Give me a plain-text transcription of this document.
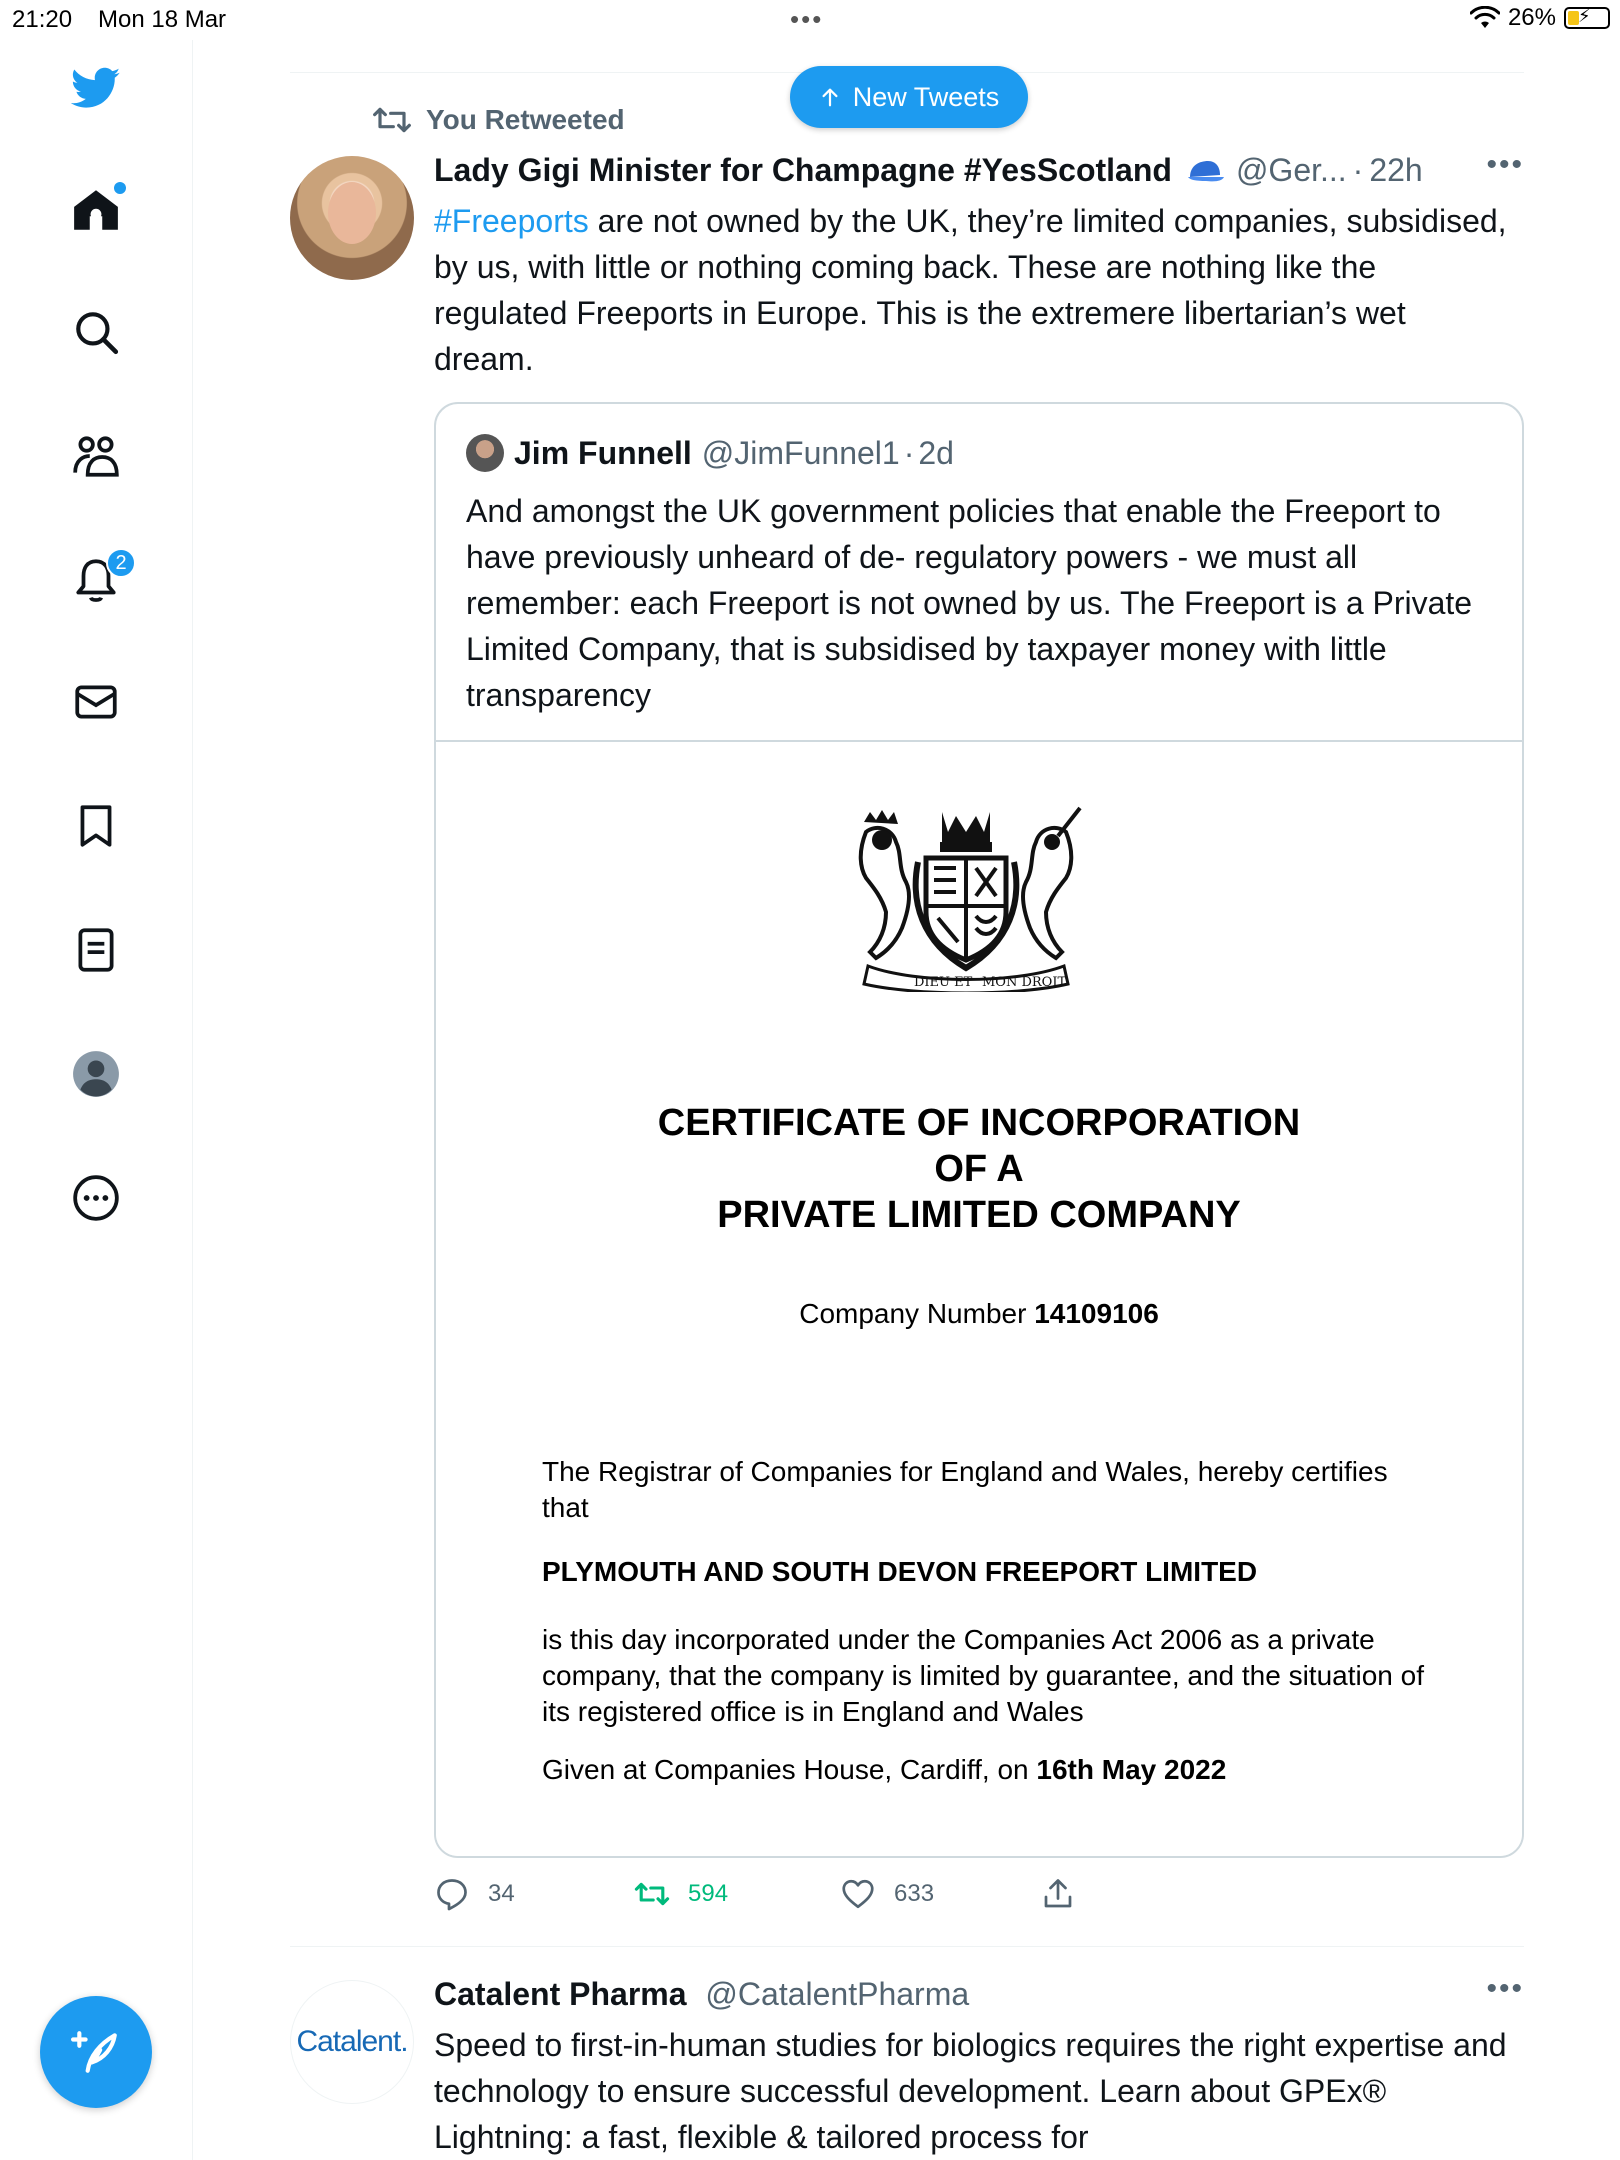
21:20 Mon 18 Mar	•••	26% ⚡
2
New Tweets
You Retweeted
Lady Gigi Minister for Champagne #YesScotland @Ger... · 22h •••
#Freeports are not owned by the UK, they’re limited companies, subsidised, by us, with little or nothing coming back. These are nothing like the regulated Freeports in Europe. This is the extremere libertarian’s wet dream.
Jim Funnell @JimFunnel1 · 2d
And amongst the UK government policies that enable the Freeport to have previously unheard of de- regulatory powers - we must all remember: each Freeport is not owned by us. The Freeport is a Private Limited Company, that is subsidised by taxpayer money with little transparency
DIEU ET MON DROIT
CERTIFICATE OF INCORPORATION
OF A
PRIVATE LIMITED COMPANY
Company Number 14109106
The Registrar of Companies for England and Wales, hereby certifies that
PLYMOUTH AND SOUTH DEVON FREEPORT LIMITED
is this day incorporated under the Companies Act 2006 as a private company, that the company is limited by guarantee, and the situation of its registered office is in England and Wales
Given at Companies House, Cardiff, on 16th May 2022
34	594	633
Catalent.
Catalent Pharma @CatalentPharma	•••
Speed to first-in-human studies for biologics requires the right expertise and technology to ensure successful development. Learn about GPEx® Lightning: a fast, flexible & tailored process for
